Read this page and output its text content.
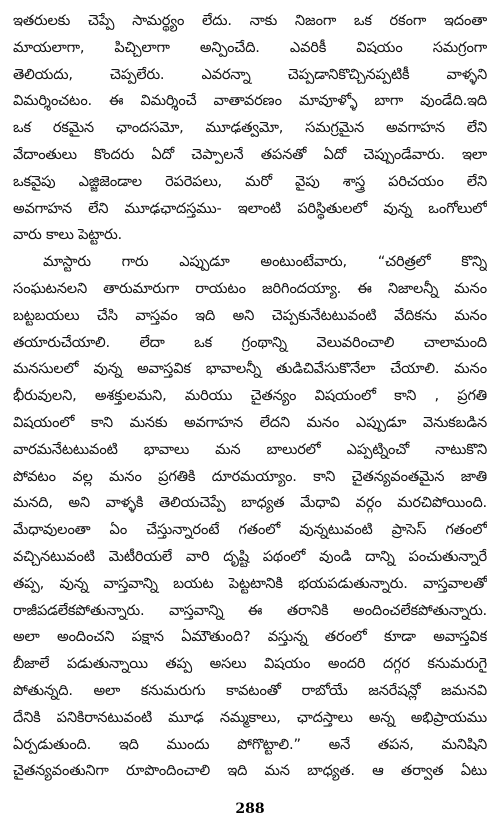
ఇతరులకు చెప్పే సామర్థ్యం లేదు. నాకు నిజంగా ఒక రకంగా ఇదంతా
మాయలాగా, పిచ్చిలాగా అన్పించేది. ఎవరికీ విషయం సమగ్రంగా
తెలియదు, చెప్పలేరు. ఎవరన్నా చెప్పడానికొచ్చినప్పటికీ వాళ్ళని
విమర్శించటం. ఈ విమర్శించే వాతావరణం మావూళ్ళో బాగా వుండేది.ఇది
ఒక రకమైన ఛాందసమో, మూఢత్వమో, సమగ్రమైన అవగాహన లేని
వేదాంతులు కొందరు ఏదో చెప్పాలనే తపనతో ఏదో చెప్పుండేవారు. ఇలా
ఒకవైపు ఎజ్జిజెండాల రెపరెపలు, మరో వైపు శాస్త్ర పరిచయం లేని
అవగాహన లేని మూఢఛాదస్తము- ఇలాంటి పరిస్థితులలో వున్న ఒంగోలులో
వారు కాలు పెట్టారు.
మాస్టారు గారు ఎప్పుడూ అంటుంటేవారు, “చరిత్రలో కొన్ని
సంఘటనలని తారుమారుగా రాయటం జరిగిందయ్యా. ఈ నిజాలన్నీ మనం
బట్టబయలు చేసి వాస్తవం ఇది అని చెప్పకునేటటువంటి వేదికను మనం
తయారుచేయాలి. లేదా ఒక గ్రంథాన్ని వెలువరించాలి చాలామంది
మనసులలో వున్న అవాస్తవిక భావాలన్నీ తుడిచివేసుకొనేలా చేయాలి. మనం
భీరువులని, అశక్తులమని, మరియు చైతన్యం విషయంలో కాని , ప్రగతి
విషయంలో కాని మనకు అవగాహన లేదని మనం ఎప్పుడూ వెనుకబడిన
వారమనేటటువంటి భావాలు మన బాలురలో ఎప్పట్నించో నాటుకొని
పోవటం వల్ల మనం ప్రగతికి దూరమయ్యాం. కాని చైతన్యవంతమైన జాతి
మనది, అని వాళ్ళకి తెలియచెప్పే బాధ్యత మేధావి వర్గం మరచిపోయింది.
మేధావులంతా ఏం చేస్తున్నారంటే గతంలో వున్నటువంటి ప్రాసెస్ గతంలో
వచ్చినటువంటి మెటీరియలే వారి దృష్టి పథంలో వుండి దాన్ని పంచుతున్నారే
తప్ప, వున్న వాస్తవాన్ని బయట పెట్టటానికి భయపడుతున్నారు. వాస్తవాలతో
రాజీపడలేకపోతున్నారు. వాస్తవాన్ని ఈ తరానికి అందించలేకపోతున్నారు.
అలా అందించని పక్షాన ఏమౌతుంది? వస్తున్న తరంలో కూడా అవాస్తవిక
బీజాలే పడుతున్నాయి తప్ప అసలు విషయం అందరి దగ్గర కనుమరుగై
పోతున్నది. అలా కనుమరుగు కావటంతో రాబోయే జనరేషన్లో జమనవి
దేనికి పనికిరానటువంటి మూఢ నమ్మకాలు, ఛాదస్తాలు అన్న అభిప్రాయము
ఏర్పడుతుంది. ఇది ముందు పోగొట్టాలి.” అనే తపన, మనిషిని
చైతన్యవంతునిగా రూపొందించాలి ఇది మన బాధ్యత. ఆ తర్వాత ఏటు
288
